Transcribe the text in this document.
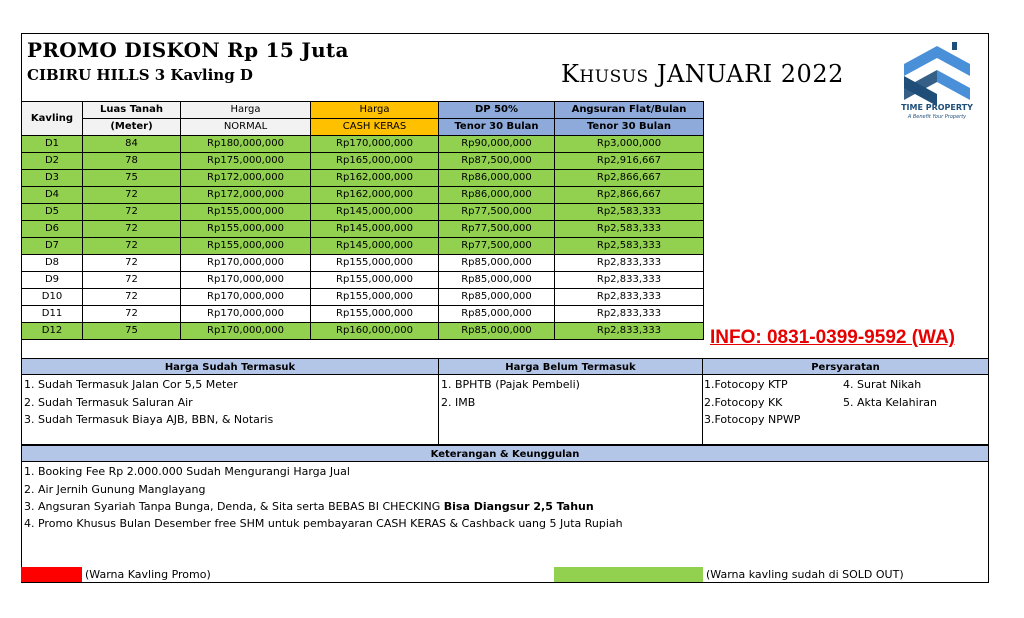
PROMO DISKON Rp 15 Juta
CIBIRU HILLS 3 Kavling D	Khusus JANUARI 2022
TIME PROPERTY
A Benefit Your Property
Kavling	Luas Tanah	Harga	Harga	DP 50%	Angsuran Flat/Bulan
	(Meter)	NORMAL	CASH KERAS	Tenor 30 Bulan	Tenor 30 Bulan
D1	84	Rp180,000,000	Rp170,000,000	Rp90,000,000	Rp3,000,000
D2	78	Rp175,000,000	Rp165,000,000	Rp87,500,000	Rp2,916,667
D3	75	Rp172,000,000	Rp162,000,000	Rp86,000,000	Rp2,866,667
D4	72	Rp172,000,000	Rp162,000,000	Rp86,000,000	Rp2,866,667
D5	72	Rp155,000,000	Rp145,000,000	Rp77,500,000	Rp2,583,333
D6	72	Rp155,000,000	Rp145,000,000	Rp77,500,000	Rp2,583,333
D7	72	Rp155,000,000	Rp145,000,000	Rp77,500,000	Rp2,583,333
D8	72	Rp170,000,000	Rp155,000,000	Rp85,000,000	Rp2,833,333
D9	72	Rp170,000,000	Rp155,000,000	Rp85,000,000	Rp2,833,333
D10	72	Rp170,000,000	Rp155,000,000	Rp85,000,000	Rp2,833,333
D11	72	Rp170,000,000	Rp155,000,000	Rp85,000,000	Rp2,833,333
D12	75	Rp170,000,000	Rp160,000,000	Rp85,000,000	Rp2,833,333	INFO: 0831-0399-9592 (WA)
Harga Sudah Termasuk	Harga Belum Termasuk	Persyaratan
1. Sudah Termasuk Jalan Cor 5,5 Meter
2. Sudah Termasuk Saluran Air
3. Sudah Termasuk Biaya AJB, BBN, & Notaris
1. BPHTB (Pajak Pembeli)
2. IMB
1.Fotocopy KTP
2.Fotocopy KK
3.Fotocopy NPWP
4. Surat Nikah
5. Akta Kelahiran
Keterangan & Keunggulan
1. Booking Fee Rp 2.000.000 Sudah Mengurangi Harga Jual
2. Air Jernih Gunung Manglayang
3. Angsuran Syariah Tanpa Bunga, Denda, & Sita serta BEBAS BI CHECKING Bisa Diangsur 2,5 Tahun
4. Promo Khusus Bulan Desember free SHM untuk pembayaran CASH KERAS & Cashback uang 5 Juta Rupiah
(Warna Kavling Promo)	(Warna kavling sudah di SOLD OUT)
